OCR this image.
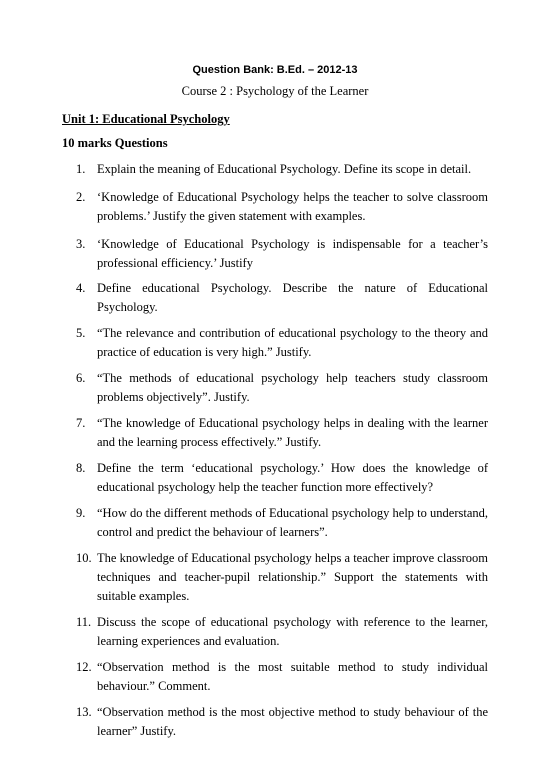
Question Bank: B.Ed. – 2012-13
Course 2 : Psychology of the Learner
Unit 1: Educational Psychology
10 marks Questions
1. Explain the meaning of Educational Psychology. Define its scope in detail.
2. ‘Knowledge of Educational Psychology helps the teacher to solve classroom problems.’ Justify the given statement with examples.
3. ‘Knowledge of Educational Psychology is indispensable for a teacher’s professional efficiency.’ Justify
4. Define educational Psychology. Describe the nature of Educational Psychology.
5. “The relevance and contribution of educational psychology to the theory and practice of education is very high.” Justify.
6. “The methods of educational psychology help teachers study classroom problems objectively”. Justify.
7. “The knowledge of Educational psychology helps in dealing with the learner and the learning process effectively.” Justify.
8. Define the term ‘educational psychology.’ How does the knowledge of educational psychology help the teacher function more effectively?
9. “How do the different methods of Educational psychology help to understand, control and predict the behaviour of learners”.
10. The knowledge of Educational psychology helps a teacher improve classroom techniques and teacher-pupil relationship.” Support the statements with suitable examples.
11. Discuss the scope of educational psychology with reference to the learner, learning experiences and evaluation.
12. “Observation method is the most suitable method to study individual behaviour.” Comment.
13. “Observation method is the most objective method to study behaviour of the learner” Justify.
